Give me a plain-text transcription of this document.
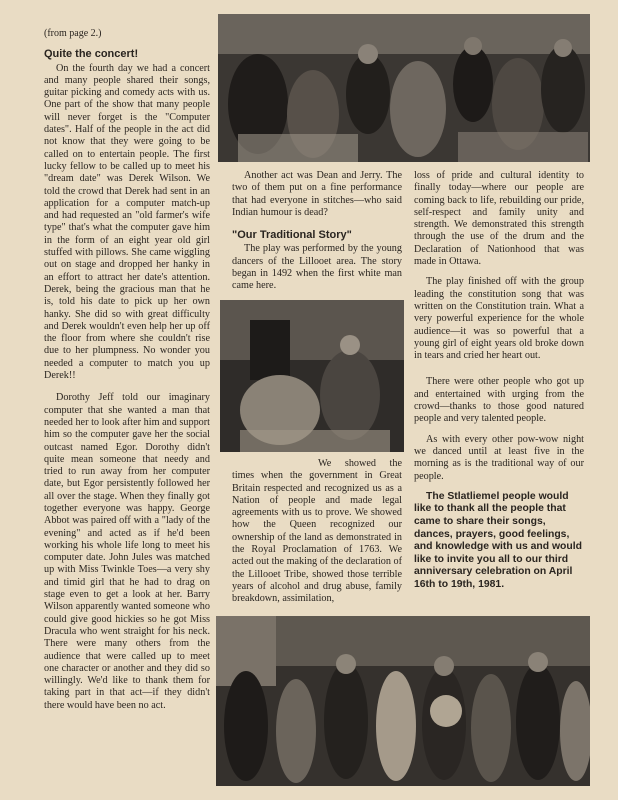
(from page 2.)

Quite the concert!

On the fourth day we had a concert and many people shared their songs, guitar picking and comedy acts with us. One part of the show that many people will never forget is the "Computer dates". Half of the people in the act did not know that they were going to be called on to entertain people. The first lucky fellow to be called up to meet his "dream date" was Derek Wilson. We told the crowd that Derek had sent in an application for a computer match-up and had requested an "old farmer's wife type" that's what the computer gave him in the form of an eight year old girl stuffed with pillows. She came wiggling out on stage and dropped her hanky in an effort to attract her date's attention. Derek, being the gracious man that he is, told his date to pick up her own hanky. She did so with great difficulty and Derek wouldn't even help her up off the floor from where she couldn't rise due to her plumpness. No wonder you needed a computer to match you up Derek!!

Dorothy Jeff told our imaginary computer that she wanted a man that needed her to look after him and support him so the computer gave her the social outcast named Egor. Dorothy didn't quite mean someone that needy and tried to run away from her computer date, but Egor persistently followed her all over the stage. When they finally got together everyone was happy. George Abbot was paired off with a "lady of the evening" and acted as if he'd been working his whole life long to meet his computer date. John Jules was matched up with Miss Twinkle Toes—a very shy and timid girl that he had to drag on stage even to get a look at her. Barry Wilson apparently wanted someone who could give good hickies so he got Miss Dracula who went straight for his neck. There were many others from the audience that were called up to meet one character or another and they did so willingly. We'd like to thank them for taking part in that act—if they didn't there would have been no act.

Another act was Dean and Jerry. The two of them put on a fine performance that had everyone in stitches—who said Indian humour is dead?

"Our Traditional Story"

The play was performed by the young dancers of the Lillooet area. The story began in 1492 when the first white man came here.

We showed the times when the government in Great Britain respected and recognized us as a Nation of people and made legal agreements with us to prove. We showed how the Queen recognized our ownership of the land as demonstrated in the Royal Proclamation of 1763. We acted out the making of the declaration of the Lillooet Tribe, showed those terrible years of alcohol and drug abuse, family breakdown, assimilation,

loss of pride and cultural identity to finally today—where our people are coming back to life, rebuilding our pride, self-respect and family unity and strength. We demonstrated this strength through the use of the drum and the Declaration of Nationhood that was made in Ottawa.

The play finished off with the group leading the constitution song that was written on the Constitution train. What a very powerful experience for the whole audience—it was so powerful that a young girl of eight years old broke down in tears and cried her heart out.

There were other people who got up and entertained with urging from the crowd—thanks to those good natured people and very talented people.

As with every other pow-wow night we danced until at least five in the morning as is the traditional way of our people.

The Stlatliemel people would like to thank all the people that came to share their songs, dances, prayers, good feelings, and knowledge with us and would like to invite you all to our third anniversary celebration on April 16th to 19th, 1981.
